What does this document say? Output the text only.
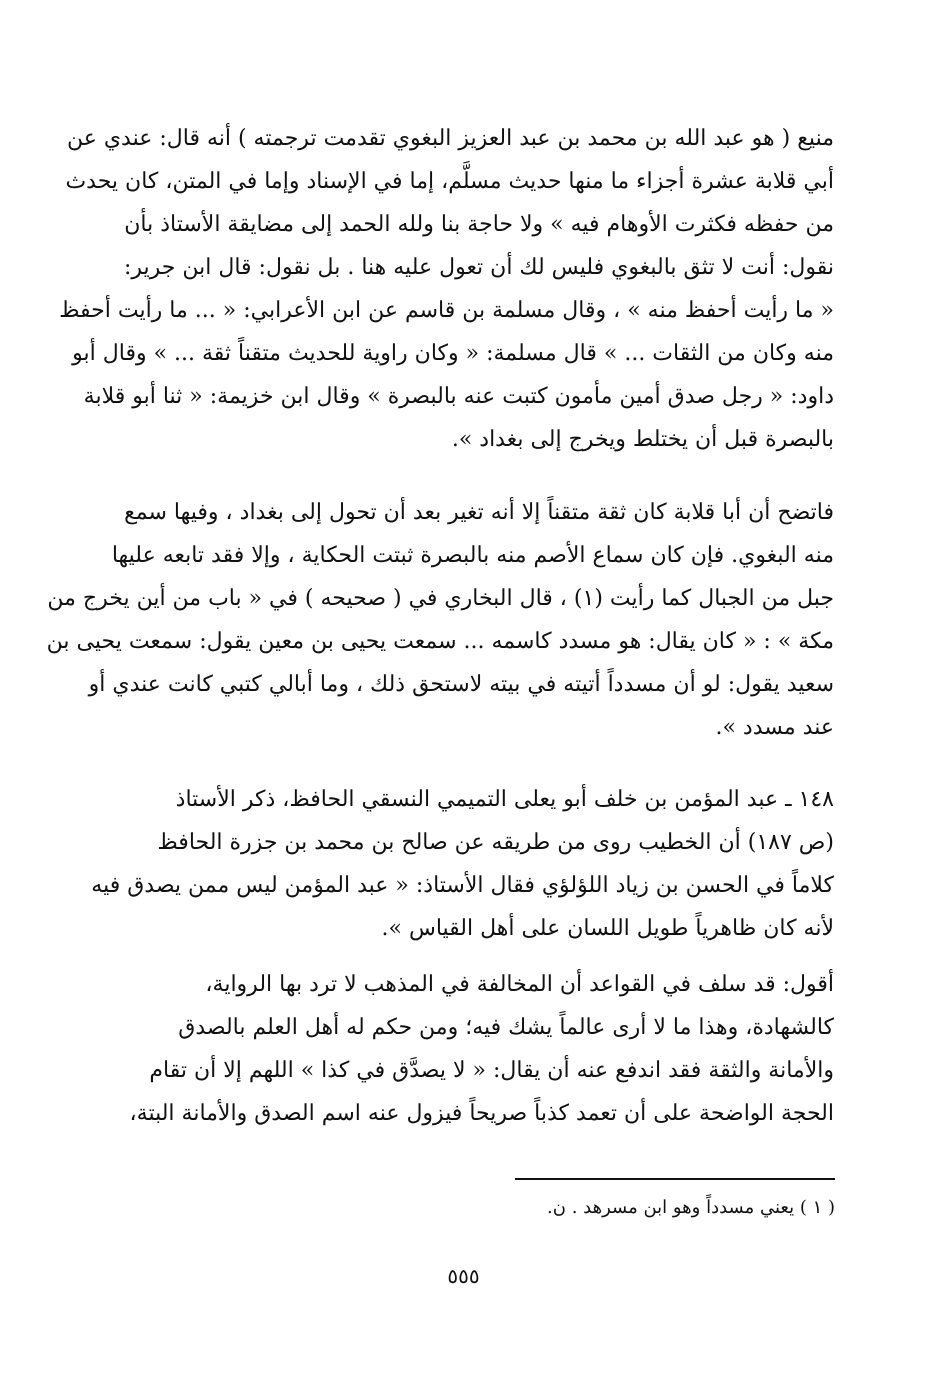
منيع ( هو عبد الله بن محمد بن عبد العزيز البغوي تقدمت ترجمته ) أنه قال: عندي عن
أبي قلابة عشرة أجزاء ما منها حديث مسلَّم، إما في الإسناد وإما في المتن، كان يحدث
من حفظه فكثرت الأوهام فيه » ولا حاجة بنا ولله الحمد إلى مضايقة الأستاذ بأن
نقول: أنت لا تثق بالبغوي فليس لك أن تعول عليه هنا . بل نقول: قال ابن جرير:
« ما رأيت أحفظ منه » ، وقال مسلمة بن قاسم عن ابن الأعرابي: « ... ما رأيت أحفظ
منه وكان من الثقات ... » قال مسلمة: « وكان راوية للحديث متقناً ثقة ... » وقال أبو
داود: « رجل صدق أمين مأمون كتبت عنه بالبصرة » وقال ابن خزيمة: « ثنا أبو قلابة
بالبصرة قبل أن يختلط ويخرج إلى بغداد ».
فاتضح أن أبا قلابة كان ثقة متقناً إلا أنه تغير بعد أن تحول إلى بغداد ، وفيها سمع
منه البغوي. فإن كان سماع الأصم منه بالبصرة ثبتت الحكاية ، وإلا فقد تابعه عليها
جبل من الجبال كما رأيت (١) ، قال البخاري في ( صحيحه ) في « باب من أين يخرج من
مكة » : « كان يقال: هو مسدد كاسمه ... سمعت يحيى بن معين يقول: سمعت يحيى بن
سعيد يقول: لو أن مسدداً أتيته في بيته لاستحق ذلك ، وما أبالي كتبي كانت عندي أو
عند مسدد ».
١٤٨ ـ عبد المؤمن بن خلف أبو يعلى التميمي النسقي الحافظ، ذكر الأستاذ
(ص ١٨٧) أن الخطيب روى من طريقه عن صالح بن محمد بن جزرة الحافظ
كلاماً في الحسن بن زياد اللؤلؤي فقال الأستاذ: « عبد المؤمن ليس ممن يصدق فيه
لأنه كان ظاهرياً طويل اللسان على أهل القياس ».
أقول: قد سلف في القواعد أن المخالفة في المذهب لا ترد بها الرواية،
كالشهادة، وهذا ما لا أرى عالماً يشك فيه؛ ومن حكم له أهل العلم بالصدق
والأمانة والثقة فقد اندفع عنه أن يقال: « لا يصدَّق في كذا » اللهم إلا أن تقام
الحجة الواضحة على أن تعمد كذباً صريحاً فيزول عنه اسم الصدق والأمانة البتة،
( ١ ) يعني مسدداً وهو ابن مسرهد . ن.
٥٥٥
